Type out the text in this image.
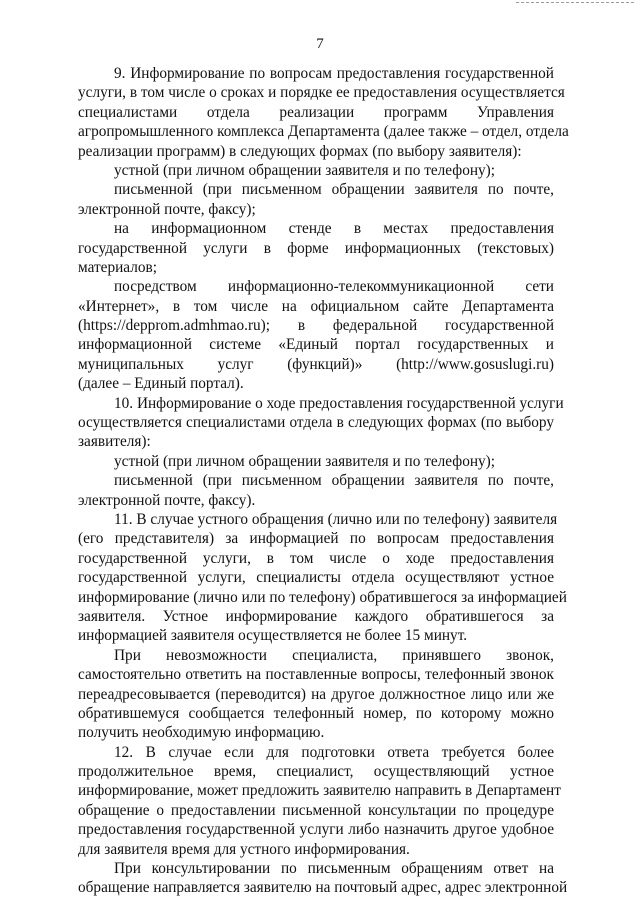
7
9. Информирование по вопросам предоставления государственной
услуги, в том числе о сроках и порядке ее предоставления осуществляется
специалистами отдела реализации программ Управления
агропромышленного комплекса Департамента (далее также – отдел, отдела
реализации программ) в следующих формах (по выбору заявителя):
устной (при личном обращении заявителя и по телефону);
письменной (при письменном обращении заявителя по почте,
электронной почте, факсу);
на информационном стенде в местах предоставления
государственной услуги в форме информационных (текстовых)
материалов;
посредством информационно-телекоммуникационной сети
«Интернет», в том числе на официальном сайте Департамента
(https://depprom.admhmao.ru); в федеральной государственной
информационной системе «Единый портал государственных и
муниципальных услуг (функций)» (http://www.gosuslugi.ru)
(далее – Единый портал).
10. Информирование о ходе предоставления государственной услуги
осуществляется специалистами отдела в следующих формах (по выбору
заявителя):
устной (при личном обращении заявителя и по телефону);
письменной (при письменном обращении заявителя по почте,
электронной почте, факсу).
11. В случае устного обращения (лично или по телефону) заявителя
(его представителя) за информацией по вопросам предоставления
государственной услуги, в том числе о ходе предоставления
государственной услуги, специалисты отдела осуществляют устное
информирование (лично или по телефону) обратившегося за информацией
заявителя. Устное информирование каждого обратившегося за
информацией заявителя осуществляется не более 15 минут.
При невозможности специалиста, принявшего звонок,
самостоятельно ответить на поставленные вопросы, телефонный звонок
переадресовывается (переводится) на другое должностное лицо или же
обратившемуся сообщается телефонный номер, по которому можно
получить необходимую информацию.
12. В случае если для подготовки ответа требуется более
продолжительное время, специалист, осуществляющий устное
информирование, может предложить заявителю направить в Департамент
обращение о предоставлении письменной консультации по процедуре
предоставления государственной услуги либо назначить другое удобное
для заявителя время для устного информирования.
При консультировании по письменным обращениям ответ на
обращение направляется заявителю на почтовый адрес, адрес электронной
